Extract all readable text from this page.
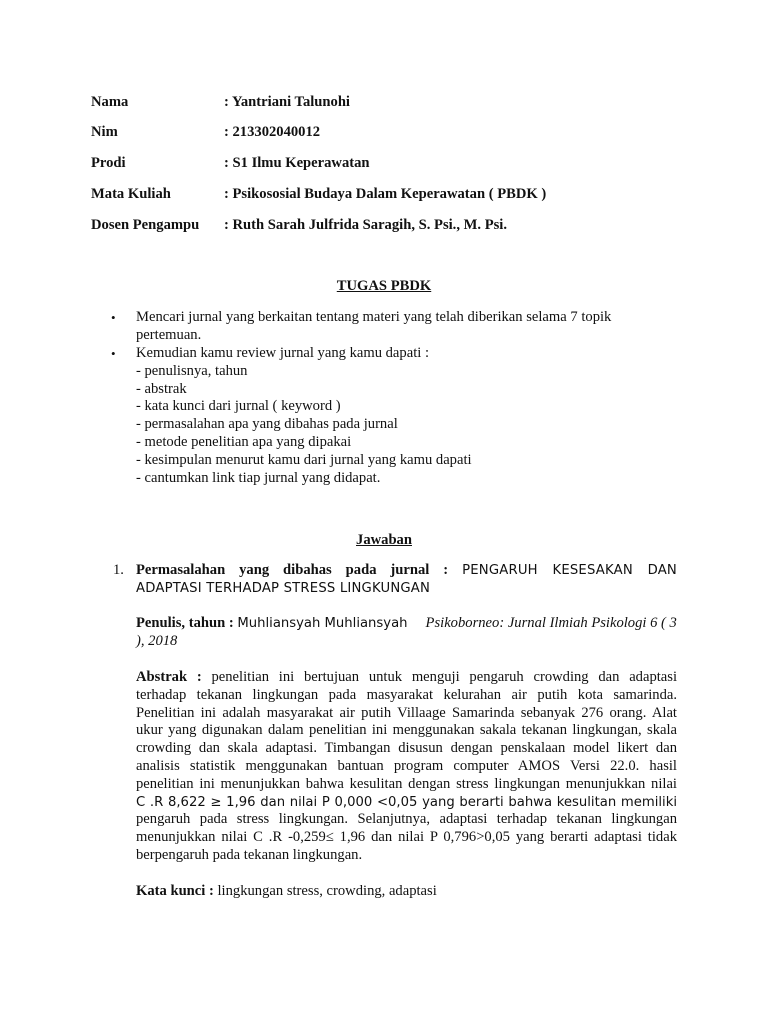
Nama	: Yantriani Talunohi
Nim	: 213302040012
Prodi	: S1 Ilmu Keperawatan
Mata Kuliah	: Psikososial Budaya Dalam Keperawatan ( PBDK )
Dosen Pengampu : Ruth Sarah Julfrida Saragih, S. Psi., M. Psi.
TUGAS PBDK
• Mencari jurnal yang berkaitan tentang materi yang telah diberikan selama 7 topik

pertemuan.

• Kemudian kamu review jurnal yang kamu dapati :

- penulisnya, tahun
- abstrak
- kata kunci dari jurnal ( keyword )
- permasalahan apa yang dibahas pada jurnal
- metode penelitian apa yang dipakai
- kesimpulan menurut kamu dari jurnal yang kamu dapati
- cantumkan link tiap jurnal yang didapat.
Jawaban
1. Permasalahan yang dibahas pada jurnal : PENGARUH KESESAKAN DAN

ADAPTASI TERHADAP STRESS LINGKUNGAN

Penulis, tahun : Muhliansyah Muhliansyah Psikoborneo: Jurnal Ilmiah Psikologi 6 ( 3

), 2018

Abstrak : penelitian ini bertujuan untuk menguji pengaruh crowding dan adaptasi

terhadap tekanan lingkungan pada masyarakat kelurahan air putih kota samarinda.

Penelitian ini adalah masyarakat air putih Villaage Samarinda sebanyak 276 orang. Alat

ukur yang digunakan dalam penelitian ini menggunakan sakala tekanan lingkungan, skala

crowding dan skala adaptasi. Timbangan disusun dengan penskalaan model likert dan

analisis statistik menggunakan bantuan program computer AMOS Versi 22.0. hasil

penelitian ini menunjukkan bahwa kesulitan dengan stress lingkungan menunjukkan nilai

C .R 8,622 ≥ 1,96 dan nilai P 0,000 <0,05 yang berarti bahwa kesulitan memiliki

pengaruh pada stress lingkungan. Selanjutnya, adaptasi terhadap tekanan lingkungan

menunjukkan nilai C .R -0,259≤ 1,96 dan nilai P 0,796>0,05 yang berarti adaptasi tidak

berpengaruh pada tekanan lingkungan.

Kata kunci : lingkungan stress, crowding, adaptasi
